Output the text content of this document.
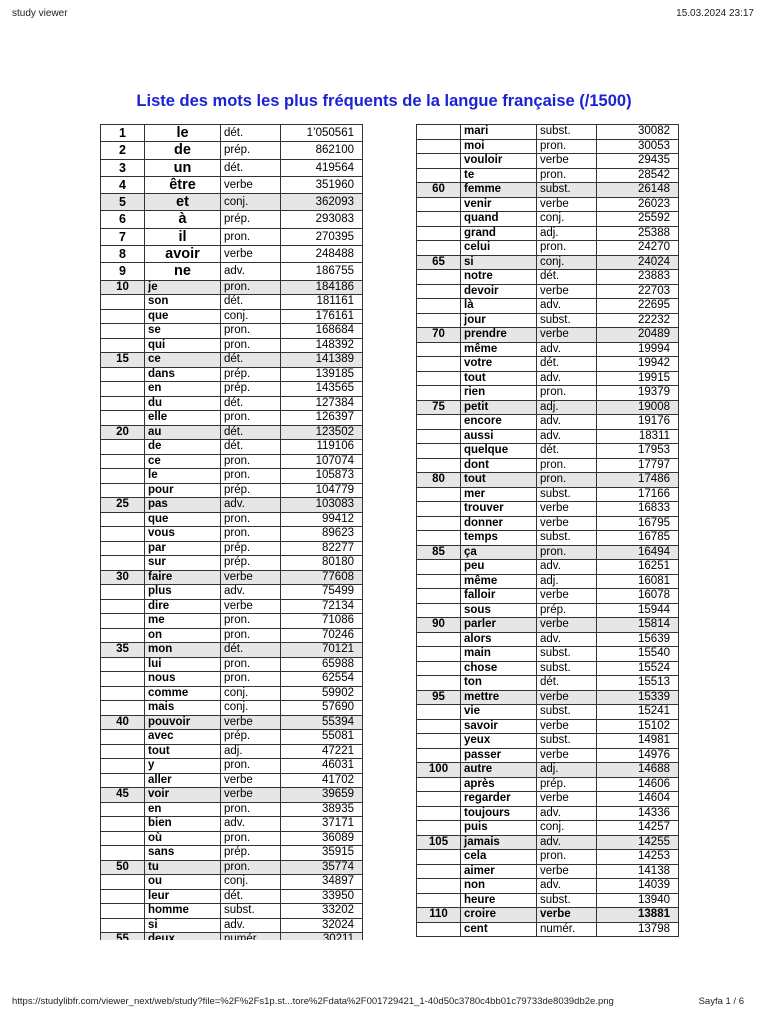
study viewer	15.03.2024 23:17
Liste des mots les plus fréquents de la langue française (/1500)
1	le	dét.	1’050561
2	de	prép.	862100
3	un	dét.	419564
4	être	verbe	351960
5	et	conj.	362093
6	à	prép.	293083
7	il	pron.	270395
8	avoir	verbe	248488
9	ne	adv.	186755
10	je	pron.	184186
	son	dét.	181161
	que	conj.	176161
	se	pron.	168684
	qui	pron.	148392
15	ce	dét.	141389
	dans	prép.	139185
	en	prép.	143565
	du	dét.	127384
	elle	pron.	126397
20	au	dét.	123502
	de	dét.	119106
	ce	pron.	107074
	le	pron.	105873
	pour	prép.	104779
25	pas	adv.	103083
	que	pron.	99412
	vous	pron.	89623
	par	prép.	82277
	sur	prép.	80180
30	faire	verbe	77608
	plus	adv.	75499
	dire	verbe	72134
	me	pron.	71086
	on	pron.	70246
35	mon	dét.	70121
	lui	pron.	65988
	nous	pron.	62554
	comme	conj.	59902
	mais	conj.	57690
40	pouvoir	verbe	55394
	avec	prép.	55081
	tout	adj.	47221
	y	pron.	46031
	aller	verbe	41702
45	voir	verbe	39659
	en	pron.	38935
	bien	adv.	37171
	où	pron.	36089
	sans	prép.	35915
50	tu	pron.	35774
	ou	conj.	34897
	leur	dét.	33950
	homme	subst.	33202
	si	adv.	32024

	mari	subst.	30082
	moi	pron.	30053
	vouloir	verbe	29435
	te	pron.	28542
60	femme	subst.	26148
	venir	verbe	26023
	quand	conj.	25592
	grand	adj.	25388
	celui	pron.	24270
65	si	conj.	24024
	notre	dét.	23883
	devoir	verbe	22703
	là	adv.	22695
	jour	subst.	22232
70	prendre	verbe	20489
	même	adv.	19994
	votre	dét.	19942
	tout	adv.	19915
	rien	pron.	19379
75	petit	adj.	19008
	encore	adv.	19176
	aussi	adv.	18311
	quelque	dét.	17953
	dont	pron.	17797
80	tout	pron.	17486
	mer	subst.	17166
	trouver	verbe	16833
	donner	verbe	16795
	temps	subst.	16785
85	ça	pron.	16494
	peu	adv.	16251
	même	adj.	16081
	falloir	verbe	16078
	sous	prép.	15944
90	parler	verbe	15814
	alors	adv.	15639
	main	subst.	15540
	chose	subst.	15524
	ton	dét.	15513
95	mettre	verbe	15339
	vie	subst.	15241
	savoir	verbe	15102
	yeux	subst.	14981
	passer	verbe	14976
100	autre	adj.	14688
	après	prép.	14606
	regarder	verbe	14604
	toujours	adv.	14336
	puis	conj.	14257
105	jamais	adv.	14255
	cela	pron.	14253
	aimer	verbe	14138
	non	adv.	14039
	heure	subst.	13940
110	croire	verbe	13881
	cent	numér.	13798
https://studylibfr.com/viewer_next/web/study?file=%2F%2Fs1p.st...tore%2Fdata%2F001729421_1-40d50c3780c4bb01c79733de8039db2e.png	Sayfa 1 / 6
